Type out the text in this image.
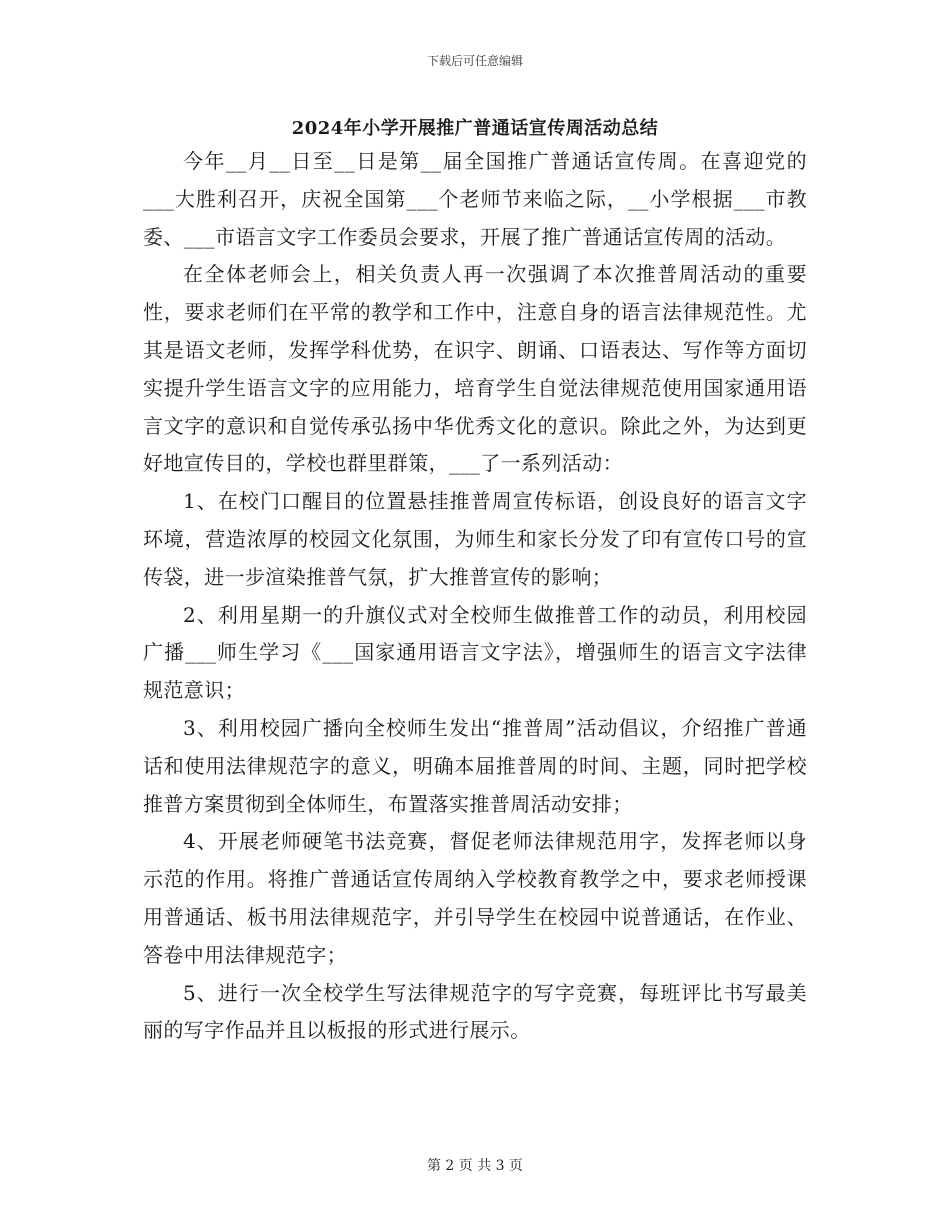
下载后可任意编辑
2024年小学开展推广普通话宣传周活动总结

今年__月__日至__日是第__届全国推广普通话宣传周。在喜迎党的___大胜利召开，庆祝全国第___个老师节来临之际，__小学根据___市教委、___市语言文字工作委员会要求，开展了推广普通话宣传周的活动。

在全体老师会上，相关负责人再一次强调了本次推普周活动的重要性，要求老师们在平常的教学和工作中，注意自身的语言法律规范性。尤其是语文老师，发挥学科优势，在识字、朗诵、口语表达、写作等方面切实提升学生语言文字的应用能力，培育学生自觉法律规范使用国家通用语言文字的意识和自觉传承弘扬中华优秀文化的意识。除此之外，为达到更好地宣传目的，学校也群里群策，___了一系列活动：

1、在校门口醒目的位置悬挂推普周宣传标语，创设良好的语言文字环境，营造浓厚的校园文化氛围，为师生和家长分发了印有宣传口号的宣传袋，进一步渲染推普气氛，扩大推普宣传的影响；

2、利用星期一的升旗仪式对全校师生做推普工作的动员，利用校园广播___师生学习《___国家通用语言文字法》，增强师生的语言文字法律规范意识；

3、利用校园广播向全校师生发出“推普周”活动倡议，介绍推广普通话和使用法律规范字的意义，明确本届推普周的时间、主题，同时把学校推普方案贯彻到全体师生，布置落实推普周活动安排；

4、开展老师硬笔书法竞赛，督促老师法律规范用字，发挥老师以身示范的作用。将推广普通话宣传周纳入学校教育教学之中，要求老师授课用普通话、板书用法律规范字，并引导学生在校园中说普通话，在作业、答卷中用法律规范字；

5、进行一次全校学生写法律规范字的写字竞赛，每班评比书写最美丽的写字作品并且以板报的形式进行展示。

第 2 页 共 3 页
